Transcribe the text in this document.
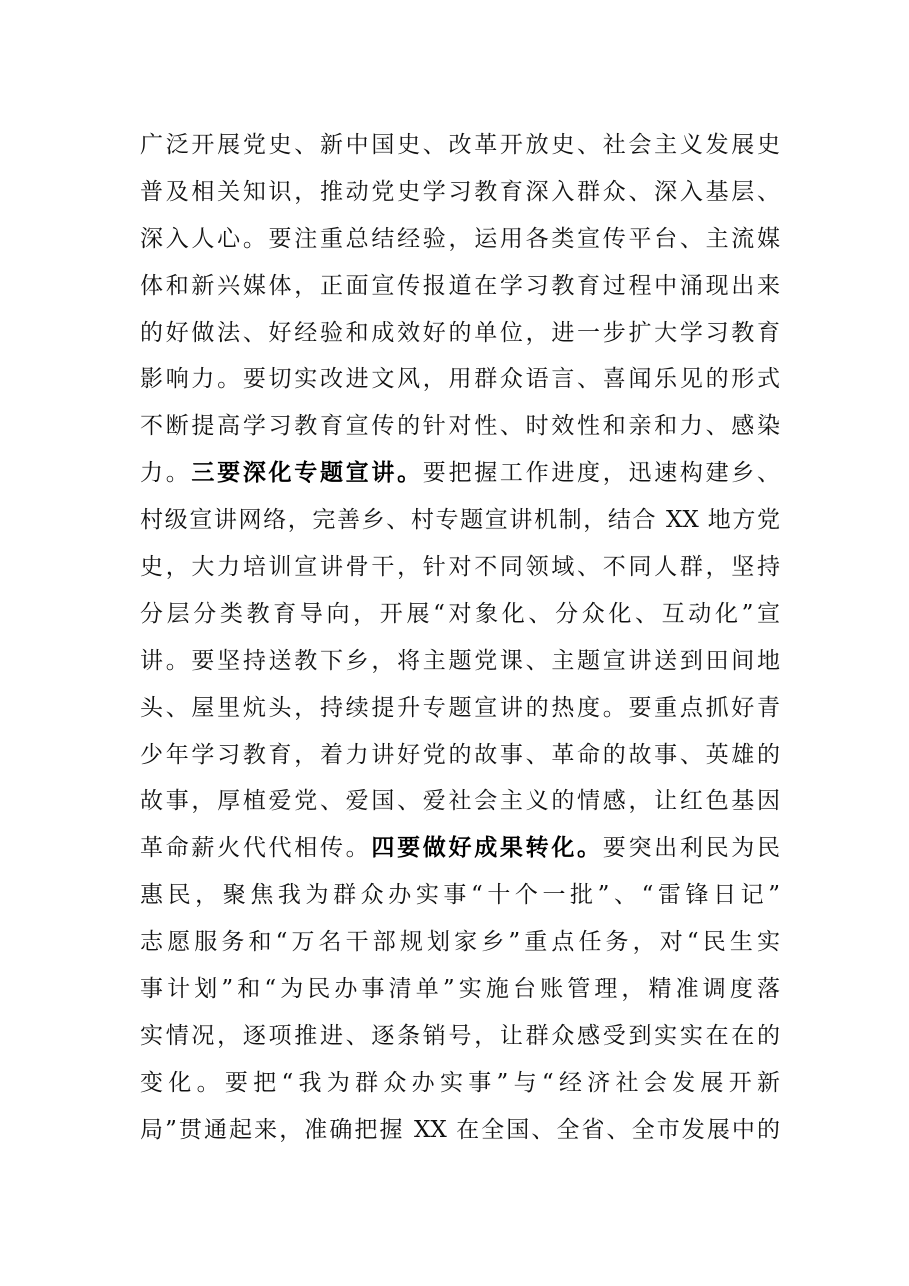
广泛开展党史、新中国史、改革开放史、社会主义发展史
普及相关知识，推动党史学习教育深入群众、深入基层、
深入人心。要注重总结经验，运用各类宣传平台、主流媒
体和新兴媒体，正面宣传报道在学习教育过程中涌现出来
的好做法、好经验和成效好的单位，进一步扩大学习教育
影响力。要切实改进文风，用群众语言、喜闻乐见的形式
不断提高学习教育宣传的针对性、时效性和亲和力、感染
力。三要深化专题宣讲。要把握工作进度，迅速构建乡、
村级宣讲网络，完善乡、村专题宣讲机制，结合 XX 地方党
史，大力培训宣讲骨干，针对不同领域、不同人群，坚持
分层分类教育导向，开展“对象化、分众化、互动化”宣
讲。要坚持送教下乡，将主题党课、主题宣讲送到田间地
头、屋里炕头，持续提升专题宣讲的热度。要重点抓好青
少年学习教育，着力讲好党的故事、革命的故事、英雄的
故事，厚植爱党、爱国、爱社会主义的情感，让红色基因
革命薪火代代相传。四要做好成果转化。要突出利民为民
惠民，聚焦我为群众办实事“十个一批”、“雷锋日记”
志愿服务和“万名干部规划家乡”重点任务，对“民生实
事计划”和“为民办事清单”实施台账管理，精准调度落
实情况，逐项推进、逐条销号，让群众感受到实实在在的
变化。要把“我为群众办实事”与“经济社会发展开新
局”贯通起来，准确把握 XX 在全国、全省、全市发展中的
